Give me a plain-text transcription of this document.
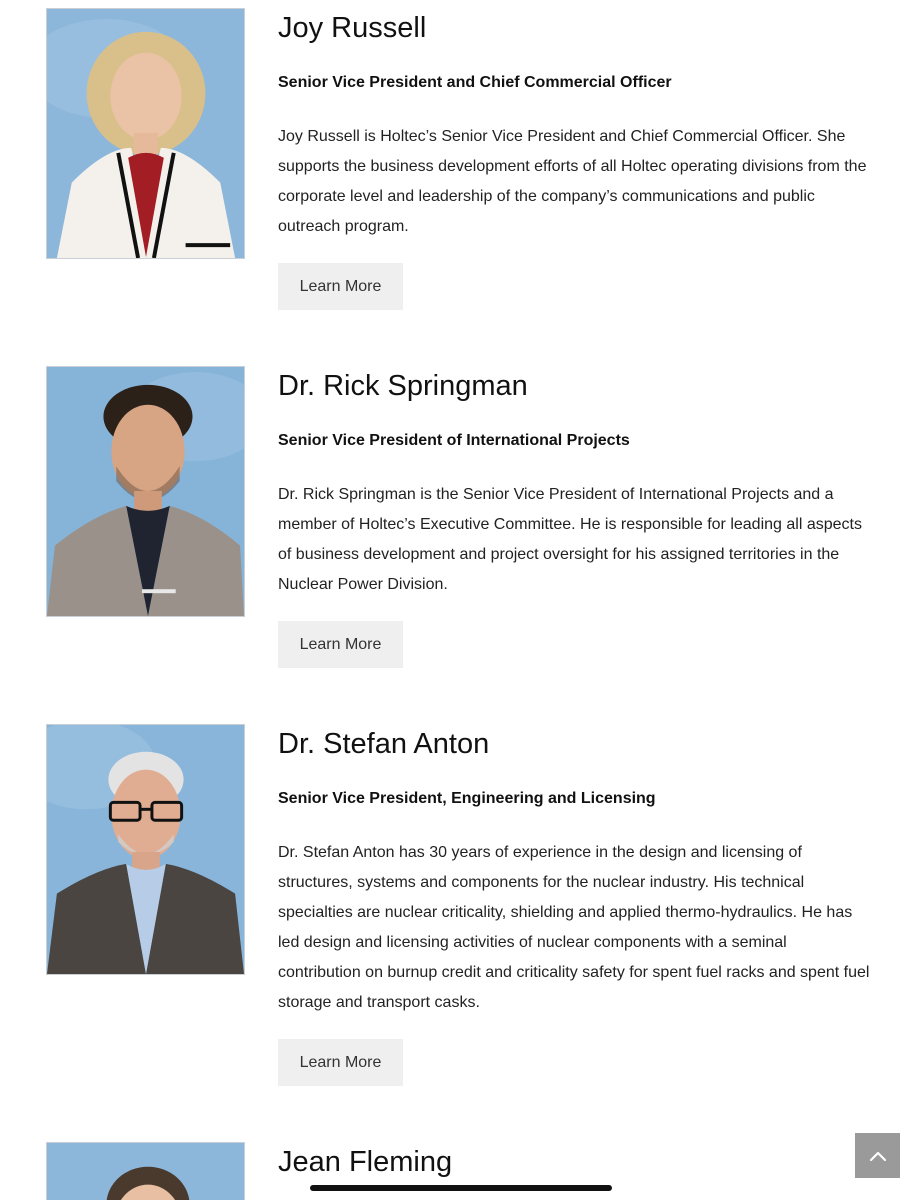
Joy Russell

Senior Vice President and Chief Commercial Officer

Joy Russell is Holtec’s Senior Vice President and Chief Commercial Officer. She supports the business development efforts of all Holtec operating divisions from the corporate level and leadership of the company’s communications and public outreach program.

Learn More
Dr. Rick Springman

Senior Vice President of International Projects

Dr. Rick Springman is the Senior Vice President of International Projects and a member of Holtec’s Executive Committee. He is responsible for leading all aspects of business development and project oversight for his assigned territories in the Nuclear Power Division.

Learn More
Dr. Stefan Anton

Senior Vice President, Engineering and Licensing

Dr. Stefan Anton has 30 years of experience in the design and licensing of structures, systems and components for the nuclear industry. His technical specialties are nuclear criticality, shielding and applied thermo-hydraulics. He has led design and licensing activities of nuclear components with a seminal contribution on burnup credit and criticality safety for spent fuel racks and spent fuel storage and transport casks.

Learn More
Jean Fleming
